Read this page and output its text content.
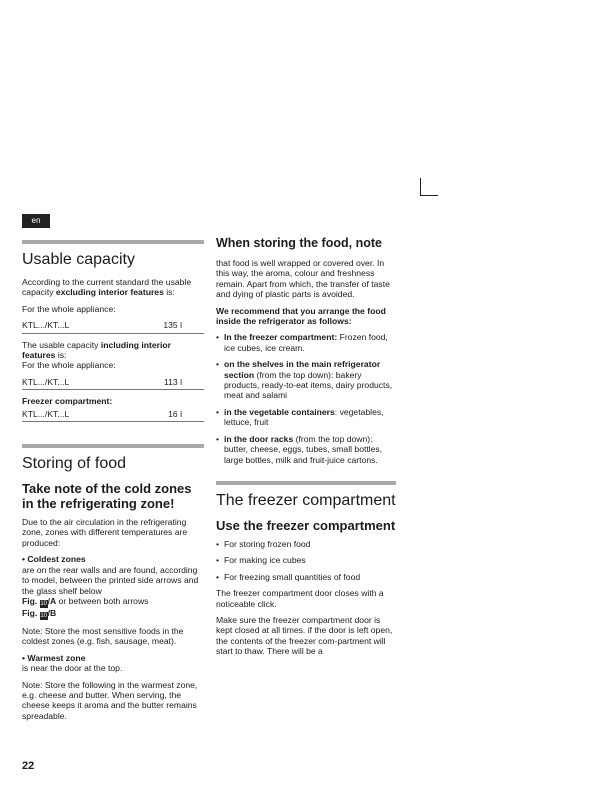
en
Usable capacity

According to the current standard the usable capacity excluding interior features is:

For the whole appliance:

KTL.../KT...L	135 l

The usable capacity including interior features is:

For the whole appliance:

KTL.../KT...L	113 l

Freezer compartment:

KTL.../KT...L	16 l
Storing of food
Take note of the cold zones in the refrigerating zone!

Due to the air circulation in the refrigerating zone, zones with different temperatures are produced:

• Coldest zones
are on the rear walls and are found, according to model, between the printed side arrows and the glass shelf below
Fig. 10/A or between both arrows
Fig. 10/B

Note: Store the most sensitive foods in the coldest zones (e.g. fish, sausage, meat).

• Warmest zone
is near the door at the top.

Note: Store the following in the warmest zone, e.g. cheese and butter. When serving, the cheese keeps it aroma and the butter remains spreadable.

When storing the food, note

that food is well wrapped or covered over. In this way, the aroma, colour and freshness remain. Apart from which, the transfer of taste and dying of plastic parts is avoided.

We recommend that you arrange the food inside the refrigerator as follows:

• In the freezer compartment: Frozen food, ice cubes, ice cream.
• on the shelves in the main refrigerator section (from the top down): bakery products, ready-to-eat items, dairy products, meat and salami
• in the vegetable containers: vegetables, lettuce, fruit
• in the door racks (from the top down): butter, cheese, eggs, tubes, small bottles, large bottles, milk and fruit-juice cartons.
The freezer compartment
Use the freezer compartment
• For storing frozen food
• For making ice cubes
• For freezing small quantities of food

The freezer compartment door closes with a noticeable click.

Make sure the freezer compartment door is kept closed at all times. if the door is left open, the contents of the freezer com-partment will start to thaw. There will be a

22
